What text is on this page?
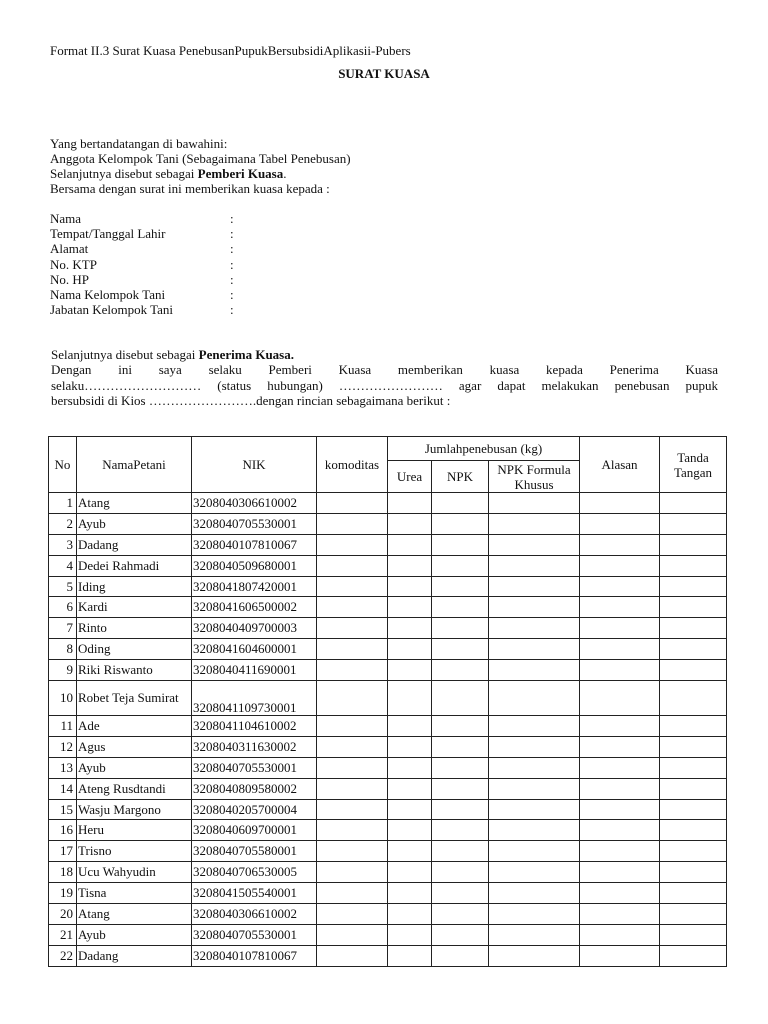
Format II.3 Surat Kuasa PenebusanPupukBersubsidiAplikasii-Pubers
SURAT KUASA
Yang bertandatangan di bawahini:
Anggota Kelompok Tani (Sebagaimana Tabel Penebusan)
Selanjutnya disebut sebagai Pemberi Kuasa.
Bersama dengan surat ini memberikan kuasa kepada :
Nama	:
Tempat/Tanggal Lahir	:
Alamat	:
No. KTP	:
No. HP	:
Nama Kelompok Tani	:
Jabatan Kelompok Tani	:
Selanjutnya disebut sebagai Penerima Kuasa.
Dengan ini saya selaku Pemberi Kuasa memberikan kuasa kepada Penerima Kuasa
selaku……………………… (status hubungan) …………………… agar dapat melakukan penebusan pupuk
bersubsidi di Kios …………………….dengan rincian sebagaimana berikut :
No	NamaPetani	NIK	komoditas	Jumlahpenebusan (kg)			Alasan	Tanda Tangan
				Urea	NPK	NPK Formula Khusus		
1	Atang	3208040306610002						
2	Ayub	3208040705530001						
3	Dadang	3208040107810067						
4	Dedei Rahmadi	3208040509680001						
5	Iding	3208041807420001						
6	Kardi	3208041606500002						
7	Rinto	3208040409700003						
8	Oding	3208041604600001						
9	Riki Riswanto	3208040411690001						
10	Robet Teja Sumirat	3208041109730001						
11	Ade	3208041104610002						
12	Agus	3208040311630002						
13	Ayub	3208040705530001						
14	Ateng Rusdtandi	3208040809580002						
15	Wasju Margono	3208040205700004						
16	Heru	3208040609700001						
17	Trisno	3208040705580001						
18	Ucu Wahyudin	3208040706530005						
19	Tisna	3208041505540001						
20	Atang	3208040306610002						
21	Ayub	3208040705530001						
22	Dadang	3208040107810067						
